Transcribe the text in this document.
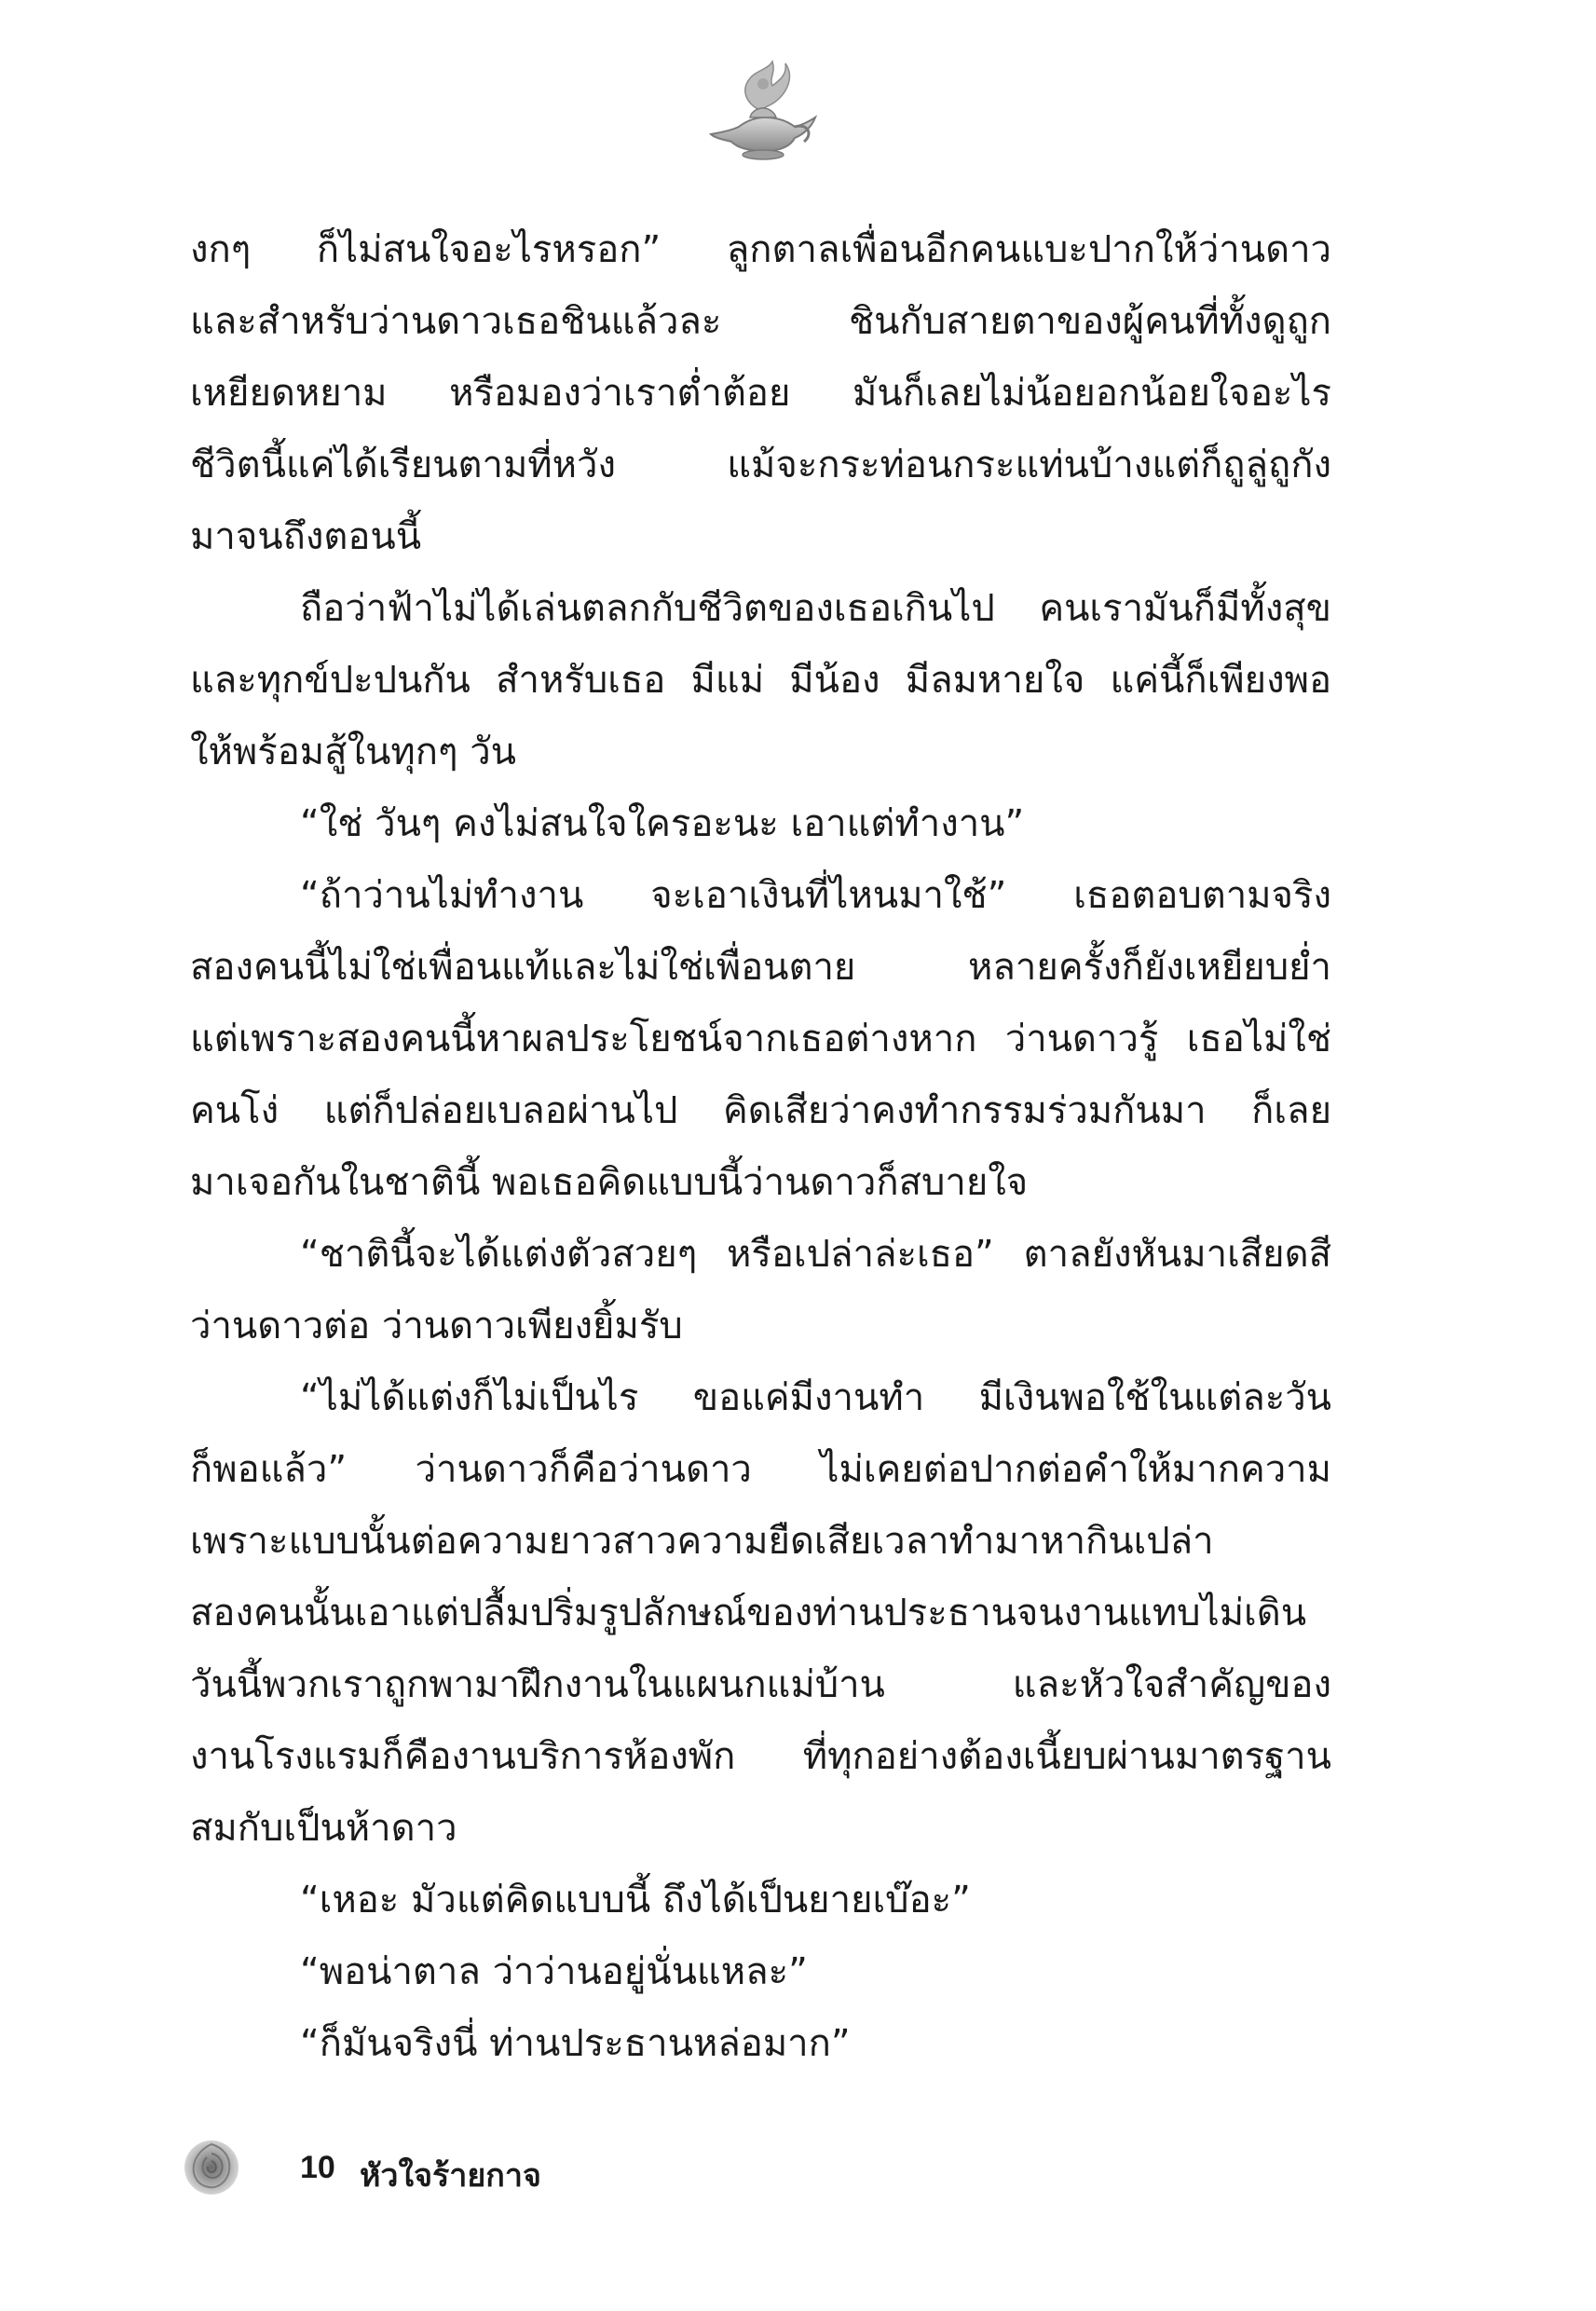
งกๆ ก็ไม่สนใจอะไรหรอก” ลูกตาลเพื่อนอีกคนแบะปากให้ว่านดาว
และสำหรับว่านดาวเธอชินแล้วละ ชินกับสายตาของผู้คนที่ทั้งดูถูก
เหยียดหยาม หรือมองว่าเราต่ำต้อย มันก็เลยไม่น้อยอกน้อยใจอะไร
ชีวิตนี้แค่ได้เรียนตามที่หวัง แม้จะกระท่อนกระแท่นบ้างแต่ก็ถูลู่ถูกัง
มาจนถึงตอนนี้
ถือว่าฟ้าไม่ได้เล่นตลกกับชีวิตของเธอเกินไป คนเรามันก็มีทั้งสุข
และทุกข์ปะปนกัน สำหรับเธอ มีแม่ มีน้อง มีลมหายใจ แค่นี้ก็เพียงพอ
ให้พร้อมสู้ในทุกๆ วัน
“ใช่ วันๆ คงไม่สนใจใครอะนะ เอาแต่ทำงาน”
“ถ้าว่านไม่ทำงาน จะเอาเงินที่ไหนมาใช้” เธอตอบตามจริง
สองคนนี้ไม่ใช่เพื่อนแท้และไม่ใช่เพื่อนตาย หลายครั้งก็ยังเหยียบย่ำ
แต่เพราะสองคนนี้หาผลประโยชน์จากเธอต่างหาก ว่านดาวรู้ เธอไม่ใช่
คนโง่ แต่ก็ปล่อยเบลอผ่านไป คิดเสียว่าคงทำกรรมร่วมกันมา ก็เลย
มาเจอกันในชาตินี้ พอเธอคิดแบบนี้ว่านดาวก็สบายใจ
“ชาตินี้จะได้แต่งตัวสวยๆ หรือเปล่าล่ะเธอ” ตาลยังหันมาเสียดสี
ว่านดาวต่อ ว่านดาวเพียงยิ้มรับ
“ไม่ได้แต่งก็ไม่เป็นไร ขอแค่มีงานทำ มีเงินพอใช้ในแต่ละวัน
ก็พอแล้ว” ว่านดาวก็คือว่านดาว ไม่เคยต่อปากต่อคำให้มากความ
เพราะแบบนั้นต่อความยาวสาวความยืดเสียเวลาทำมาหากินเปล่า
สองคนนั้นเอาแต่ปลื้มปริ่มรูปลักษณ์ของท่านประธานจนงานแทบไม่เดิน
วันนี้พวกเราถูกพามาฝึกงานในแผนกแม่บ้าน และหัวใจสำคัญของ
งานโรงแรมก็คืองานบริการห้องพัก ที่ทุกอย่างต้องเนี้ยบผ่านมาตรฐาน
สมกับเป็นห้าดาว
“เหอะ มัวแต่คิดแบบนี้ ถึงได้เป็นยายเบ๊อะ”
“พอน่าตาล ว่าว่านอยู่นั่นแหละ”
“ก็มันจริงนี่ ท่านประธานหล่อมาก”
10 หัวใจร้ายกาจ
